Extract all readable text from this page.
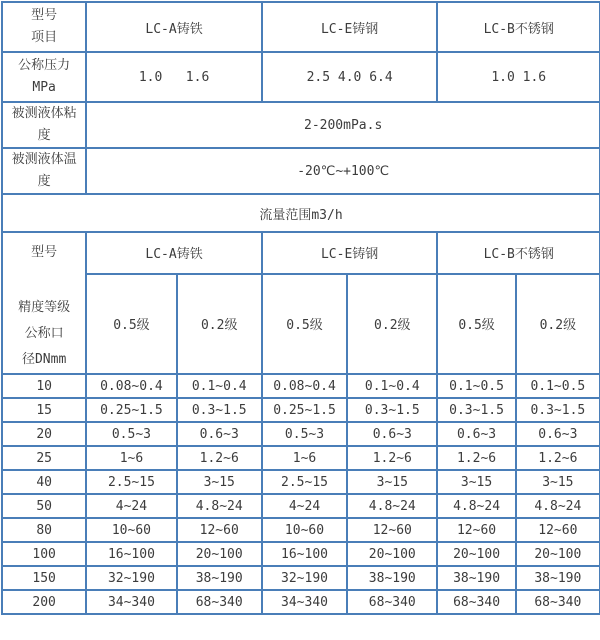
型号
项目	LC-A铸铁		LC-E铸钢		LC-B不锈钢	

公称压力
MPa	1.0   1.6		2.5 4.0 6.4		1.0 1.6	

被测液体粘
度	2-200mPa.s					

被测液体温
度	-20℃~+100℃					
流量范围m3/h						

型号
精度等级
公称口
径DNmm	LC-A铸铁		LC-E铸钢		LC-B不锈钢	
	0.5级	0.2级	0.5级	0.2级	0.5级	0.2级
10	0.08~0.4	0.1~0.4	0.08~0.4	0.1~0.4	0.1~0.5	0.1~0.5
15	0.25~1.5	0.3~1.5	0.25~1.5	0.3~1.5	0.3~1.5	0.3~1.5
20	0.5~3	0.6~3	0.5~3	0.6~3	0.6~3	0.6~3
25	1~6	1.2~6	1~6	1.2~6	1.2~6	1.2~6
40	2.5~15	3~15	2.5~15	3~15	3~15	3~15
50	4~24	4.8~24	4~24	4.8~24	4.8~24	4.8~24
80	10~60	12~60	10~60	12~60	12~60	12~60
100	16~100	20~100	16~100	20~100	20~100	20~100
150	32~190	38~190	32~190	38~190	38~190	38~190
200	34~340	68~340	34~340	68~340	68~340	68~340
